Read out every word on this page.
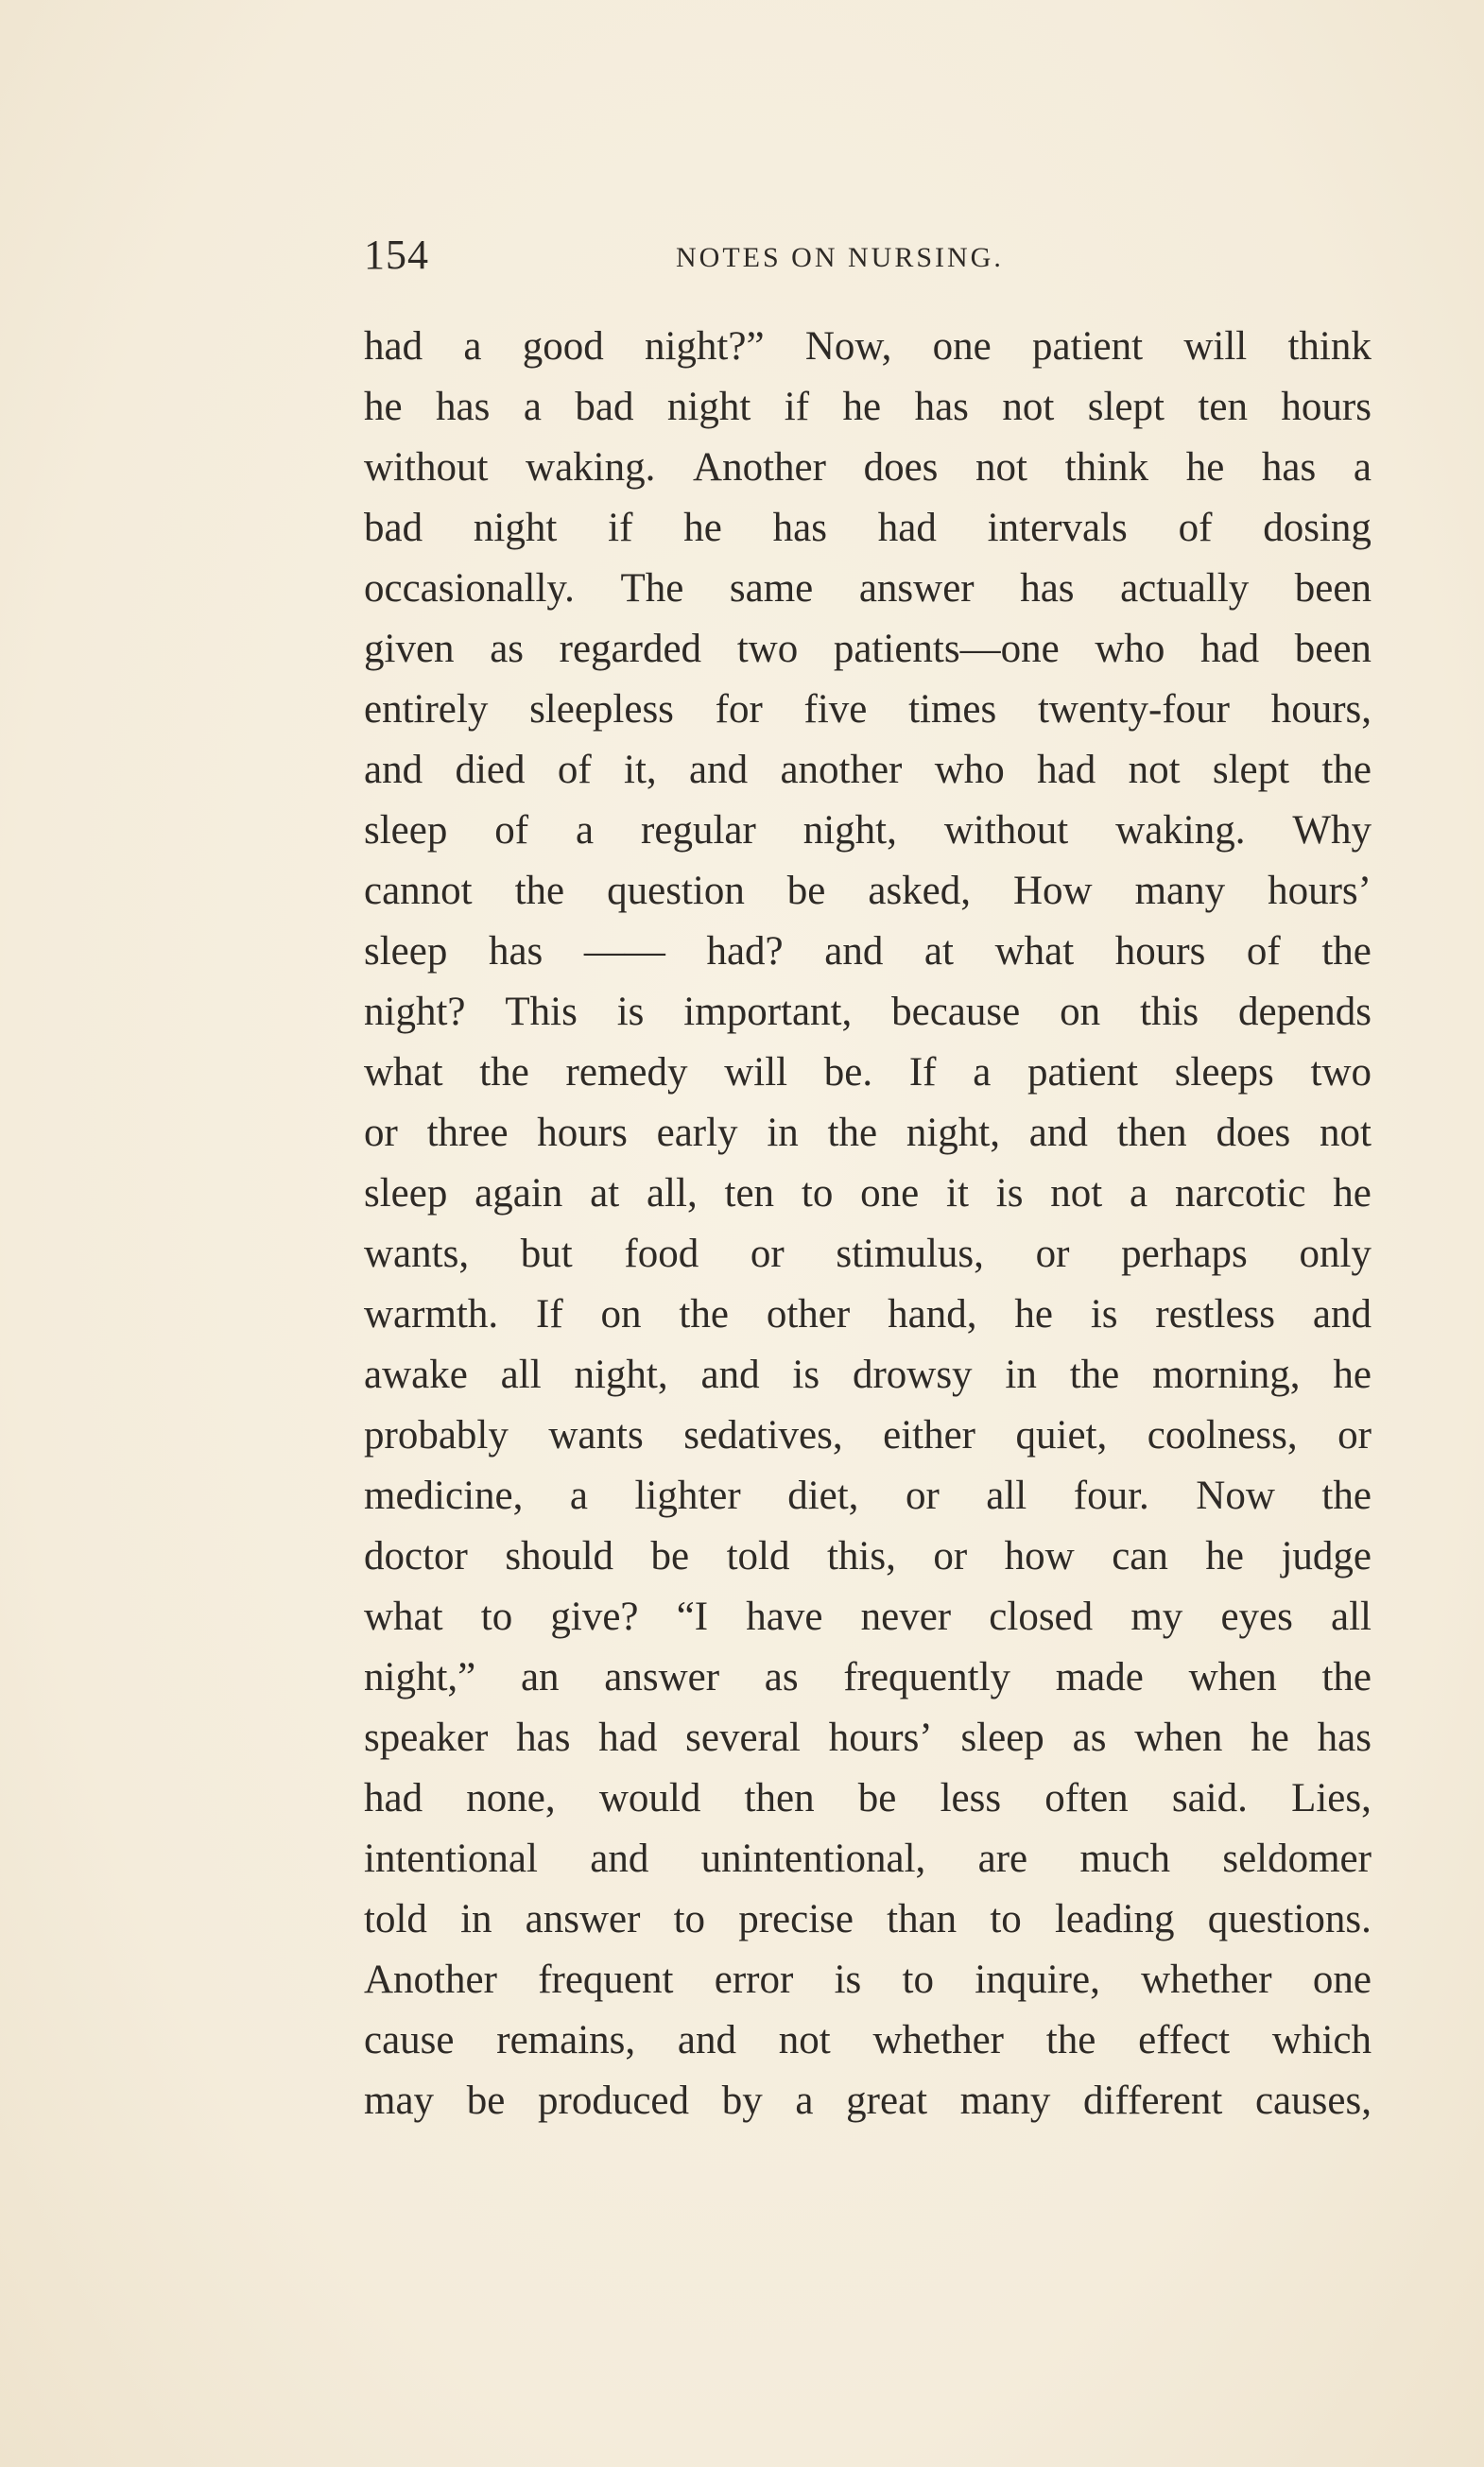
154	NOTES ON NURSING.
had a good night?” Now, one patient will think
he has a bad night if he has not slept ten hours
without waking. Another does not think he has a
bad night if he has had intervals of dosing
occasionally. The same answer has actually been
given as regarded two patients—one who had been
entirely sleepless for five times twenty-four hours,
and died of it, and another who had not slept the
sleep of a regular night, without waking. Why
cannot the question be asked, How many hours’
sleep has —— had? and at what hours of the
night? This is important, because on this depends
what the remedy will be. If a patient sleeps two
or three hours early in the night, and then does not
sleep again at all, ten to one it is not a narcotic he
wants, but food or stimulus, or perhaps only
warmth. If on the other hand, he is restless and
awake all night, and is drowsy in the morning, he
probably wants sedatives, either quiet, coolness, or
medicine, a lighter diet, or all four. Now the
doctor should be told this, or how can he judge
what to give? “I have never closed my eyes all
night,” an answer as frequently made when the
speaker has had several hours’ sleep as when he has
had none, would then be less often said. Lies,
intentional and unintentional, are much seldomer
told in answer to precise than to leading questions.
Another frequent error is to inquire, whether one
cause remains, and not whether the effect which
may be produced by a great many different causes,
